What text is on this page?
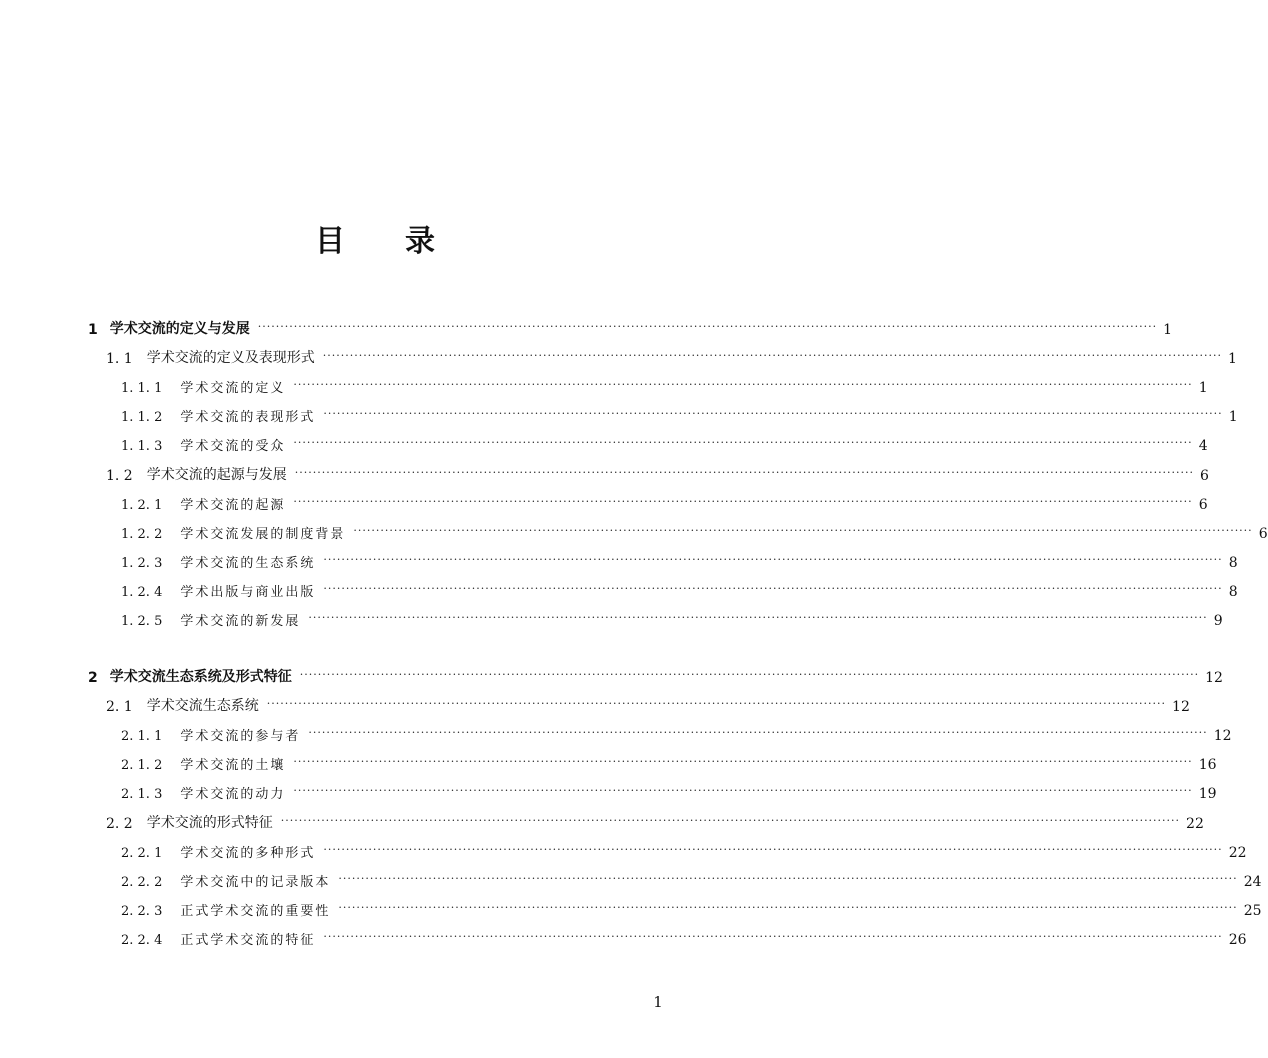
目录
1 学术交流的定义与发展 ········································································································································································································ 1
1. 1	学术交流的定义及表现形式 ········································································································································································································ 1
1. 1. 1	学术交流的定义 ········································································································································································································ 1
1. 1. 2	学术交流的表现形式 ········································································································································································································ 1
1. 1. 3	学术交流的受众 ········································································································································································································ 4
1. 2	学术交流的起源与发展 ········································································································································································································ 6
1. 2. 1	学术交流的起源 ········································································································································································································ 6
1. 2. 2	学术交流发展的制度背景 ········································································································································································································ 6
1. 2. 3	学术交流的生态系统 ········································································································································································································ 8
1. 2. 4	学术出版与商业出版 ········································································································································································································ 8
1. 2. 5	学术交流的新发展 ········································································································································································································ 9
2 学术交流生态系统及形式特征 ········································································································································································································ 12
2. 1	学术交流生态系统 ········································································································································································································ 12
2. 1. 1	学术交流的参与者 ········································································································································································································ 12
2. 1. 2	学术交流的土壤 ········································································································································································································ 16
2. 1. 3	学术交流的动力 ········································································································································································································ 19
2. 2	学术交流的形式特征 ········································································································································································································ 22
2. 2. 1	学术交流的多种形式 ········································································································································································································ 22
2. 2. 2	学术交流中的记录版本 ········································································································································································································ 24
2. 2. 3	正式学术交流的重要性 ········································································································································································································ 25
2. 2. 4	正式学术交流的特征 ········································································································································································································ 26
1
